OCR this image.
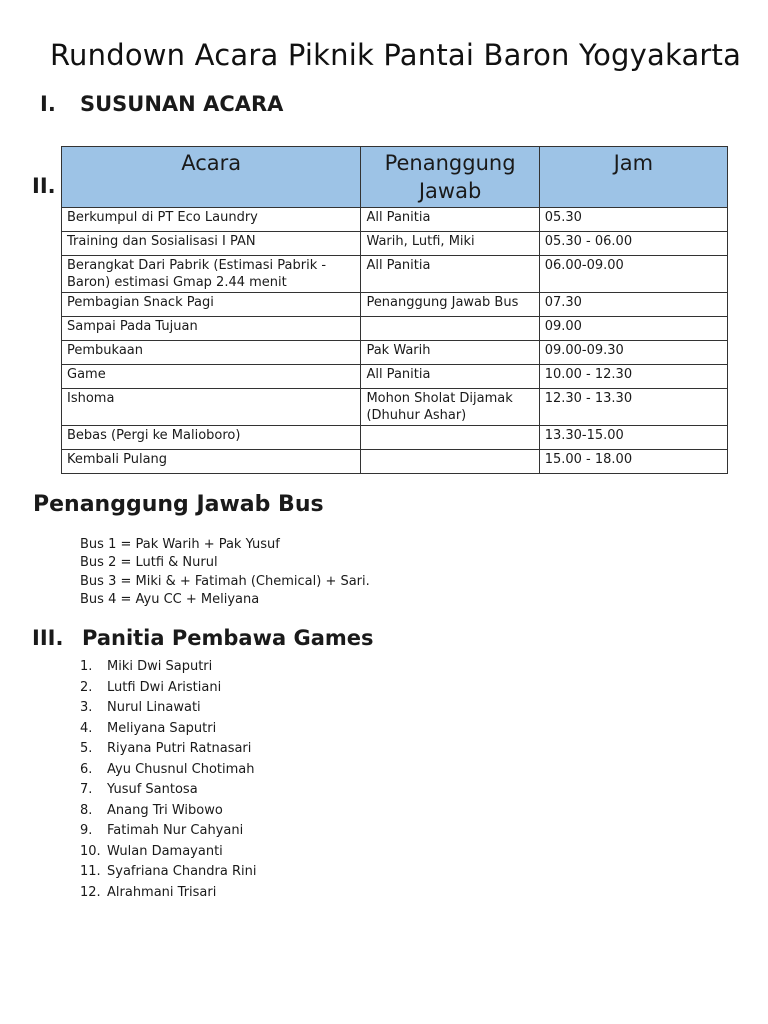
Rundown Acara Piknik Pantai Baron Yogyakarta
I. SUSUNAN ACARA
II.
Acara	Penanggung Jawab	Jam
Berkumpul di PT Eco Laundry	All Panitia	05.30
Training dan Sosialisasi I PAN	Warih, Lutfi, Miki	05.30 - 06.00
Berangkat Dari Pabrik (Estimasi Pabrik - Baron) estimasi Gmap 2.44 menit	All Panitia	06.00-09.00
Pembagian Snack Pagi	Penanggung Jawab Bus	07.30
Sampai Pada Tujuan		09.00
Pembukaan	Pak Warih	09.00-09.30
Game	All Panitia	10.00 - 12.30
Ishoma	Mohon Sholat Dijamak (Dhuhur Ashar)	12.30 - 13.30
Bebas (Pergi ke Malioboro)		13.30-15.00
Kembali Pulang		15.00 - 18.00
Penanggung Jawab Bus
Bus 1 = Pak Warih + Pak Yusuf
Bus 2 = Lutfi & Nurul
Bus 3 = Miki & + Fatimah (Chemical) + Sari.
Bus 4 = Ayu CC + Meliyana
III. Panitia Pembawa Games
1. Miki Dwi Saputri
2. Lutfi Dwi Aristiani
3. Nurul Linawati
4. Meliyana Saputri
5. Riyana Putri Ratnasari
6. Ayu Chusnul Chotimah
7. Yusuf Santosa
8. Anang Tri Wibowo
9. Fatimah Nur Cahyani
10. Wulan Damayanti
11. Syafriana Chandra Rini
12. Alrahmani Trisari
